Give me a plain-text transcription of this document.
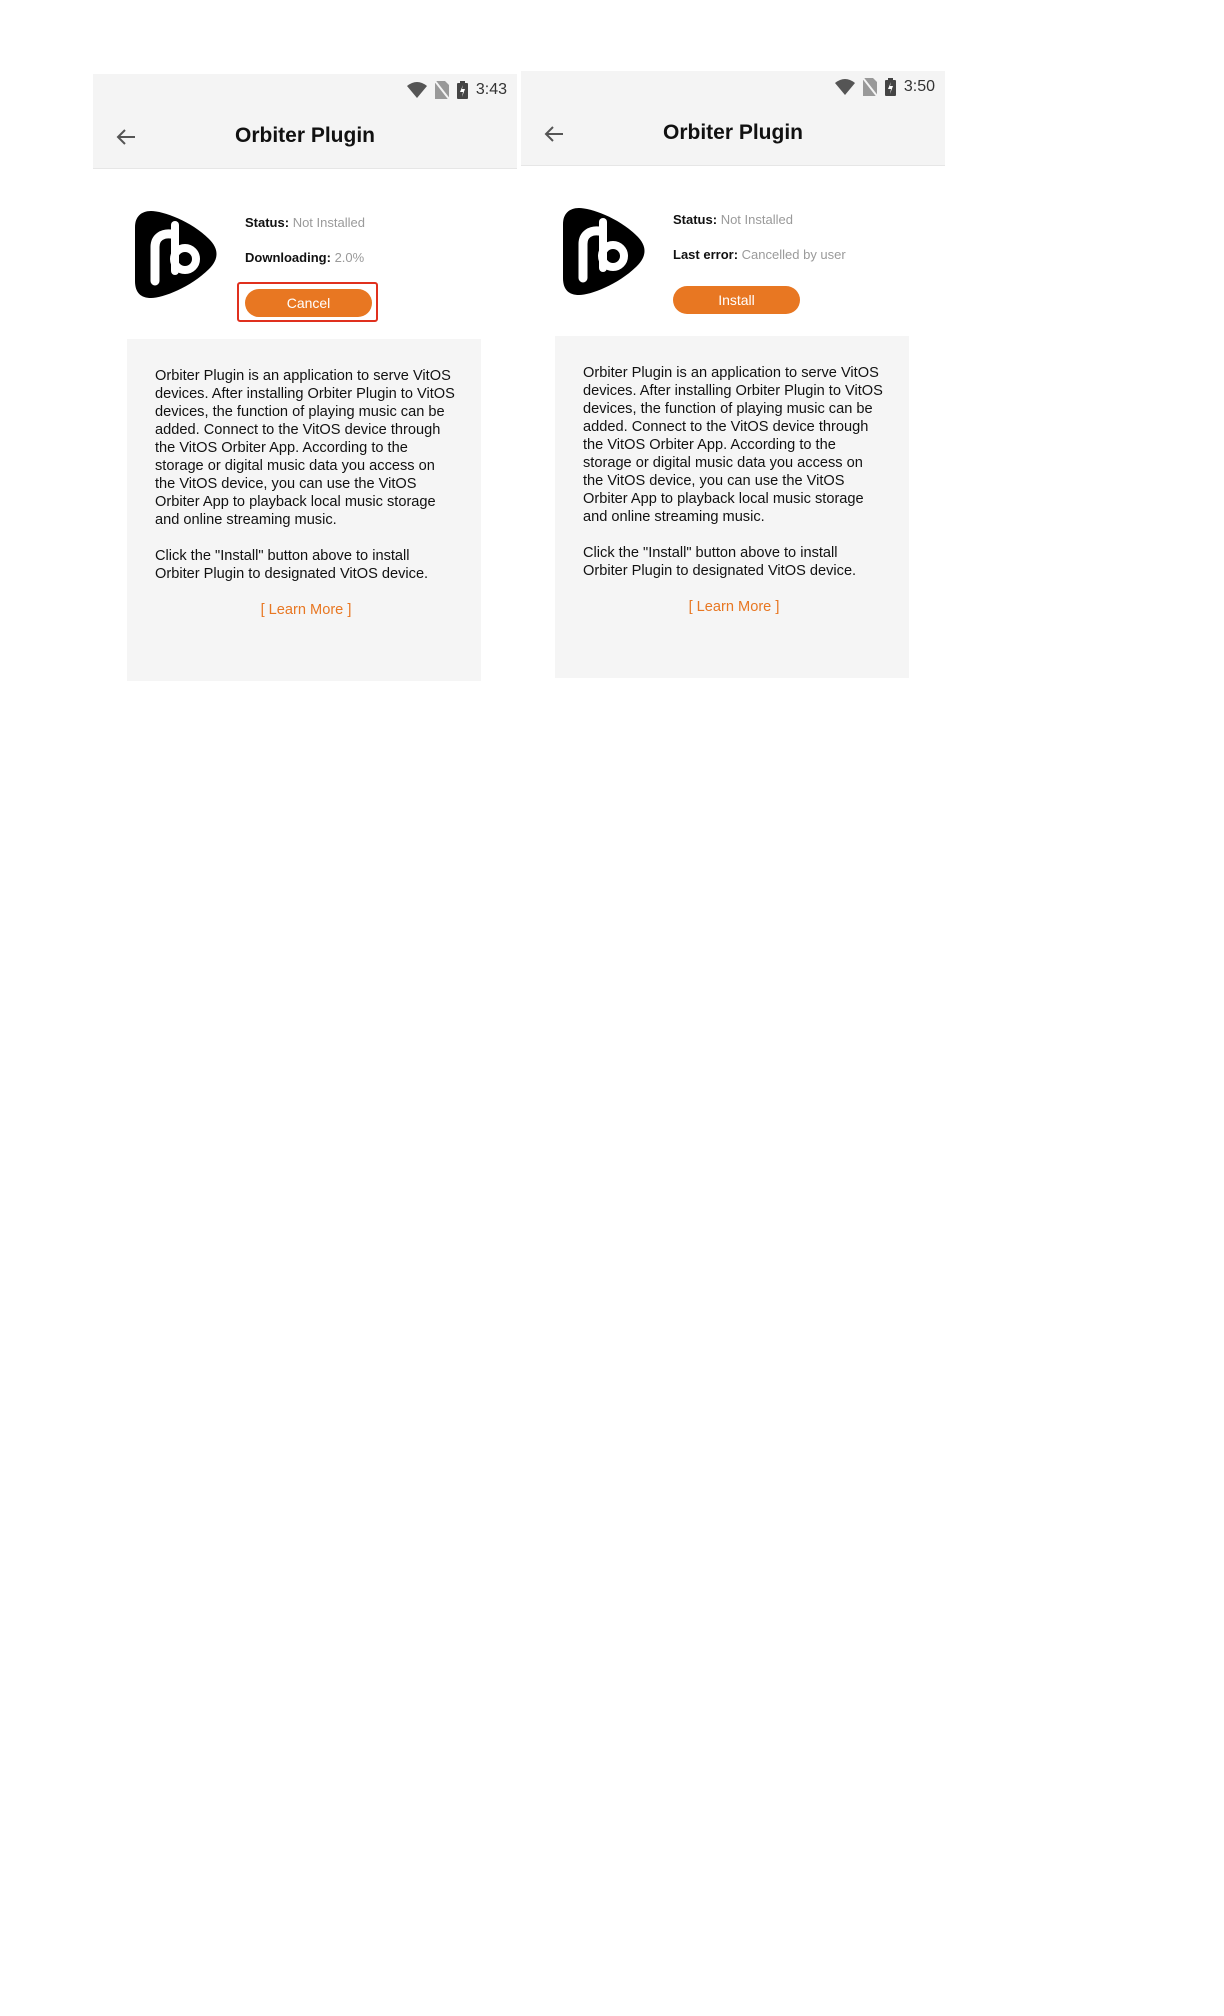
3:43
Orbiter Plugin
Status: Not Installed
Downloading: 2.0%
Cancel

Orbiter Plugin is an application to serve VitOS devices. After installing Orbiter Plugin to VitOS devices, the function of playing music can be added. Connect to the VitOS device through the VitOS Orbiter App. According to the storage or digital music data you access on the VitOS device, you can use the VitOS Orbiter App to playback local music storage and online streaming music.

Click the "Install" button above to install Orbiter Plugin to designated VitOS device.

[ Learn More ]
3:50
Orbiter Plugin
Status: Not Installed
Last error: Cancelled by user
Install

Orbiter Plugin is an application to serve VitOS devices. After installing Orbiter Plugin to VitOS devices, the function of playing music can be added. Connect to the VitOS device through the VitOS Orbiter App. According to the storage or digital music data you access on the VitOS device, you can use the VitOS Orbiter App to playback local music storage and online streaming music.

Click the "Install" button above to install Orbiter Plugin to designated VitOS device.

[ Learn More ]
